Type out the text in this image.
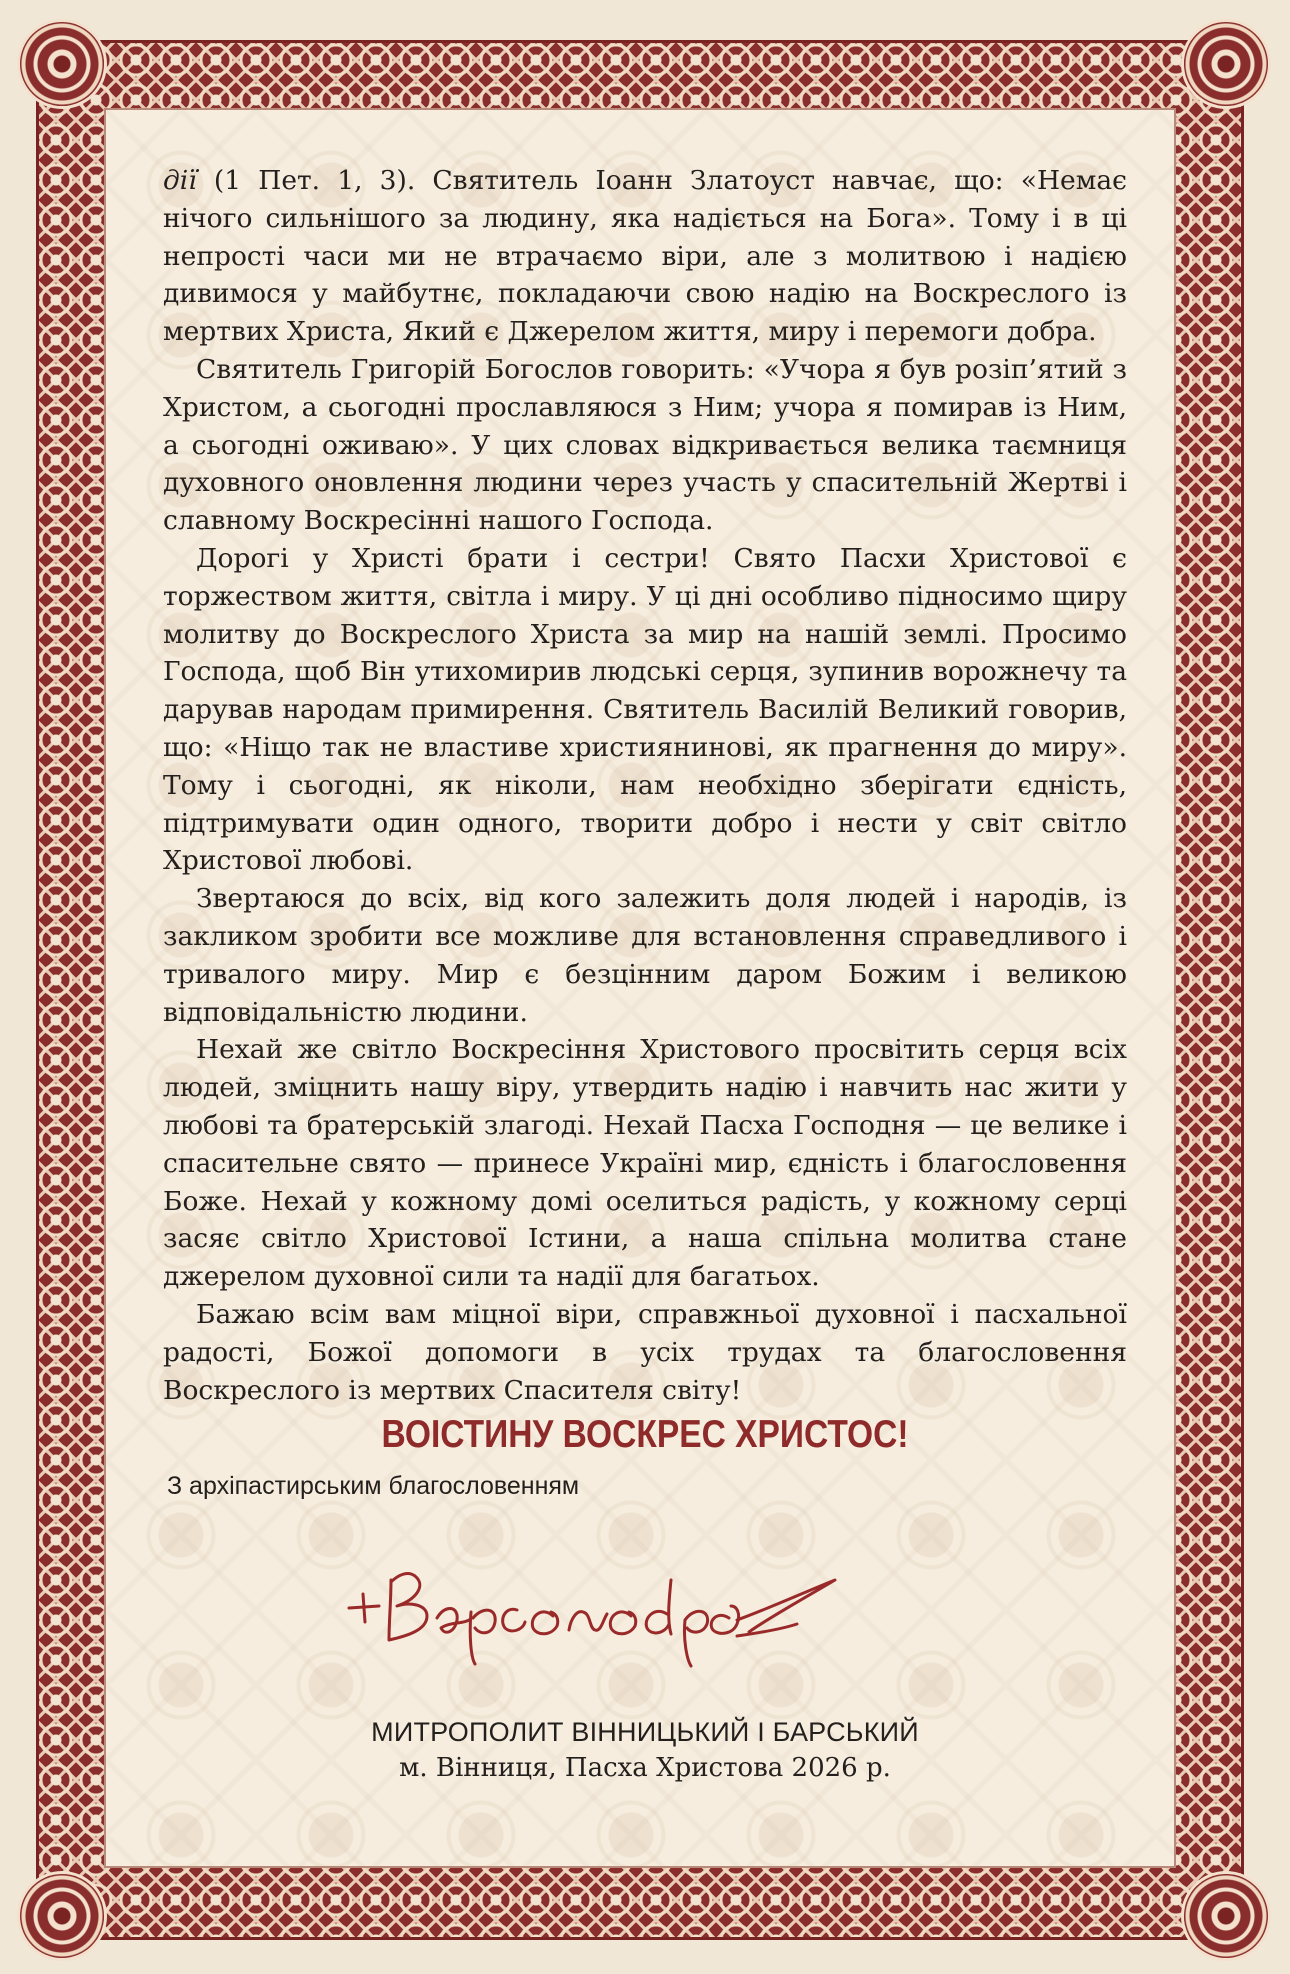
дії (1 Пет. 1, 3). Святитель Іоанн Златоуст навчає, що: «Немає нічого сильнішого за людину, яка надіється на Бога». Тому і в ці непрості часи ми не втрачаємо віри, але з молитвою і надією дивимося у майбутнє, покладаючи свою надію на Воскреслого із мертвих Христа, Який є Джерелом життя, миру і перемоги добра.

Святитель Григорій Богослов говорить: «Учора я був розіп’ятий з Христом, а сьогодні прославляюся з Ним; учора я помирав із Ним, а сьогодні оживаю». У цих словах відкривається велика таємниця духовного оновлення людини через участь у спасительній Жертві і славному Воскресінні нашого Господа.

Дорогі у Христі брати і сестри! Свято Пасхи Христової є торжеством життя, світла і миру. У ці дні особливо підносимо щиру молитву до Воскреслого Христа за мир на нашій землі. Просимо Господа, щоб Він утихомирив людські серця, зупинив ворожнечу та дарував народам примирення. Святитель Василій Великий говорив, що: «Ніщо так не властиве християнинові, як прагнення до миру». Тому і сьогодні, як ніколи, нам необхідно зберігати єдність, підтримувати один одного, творити добро і нести у світ світло Христової любові.

Звертаюся до всіх, від кого залежить доля людей і народів, із закликом зробити все можливе для встановлення справедливого і тривалого миру. Мир є безцінним даром Божим і великою відповідальністю людини.

Нехай же світло Воскресіння Христового просвітить серця всіх людей, зміцнить нашу віру, утвердить надію і навчить нас жити у любові та братерській злагоді. Нехай Пасха Господня — це велике і спасительне свято — принесе Україні мир, єдність і благословення Боже. Нехай у кожному домі оселиться радість, у кожному серці засяє світло Христової Істини, а наша спільна молитва стане джерелом духовної сили та надії для багатьох.

Бажаю всім вам міцної віри, справжньої духовної і пасхальної радості, Божої допомоги в усіх трудах та благословення Воскреслого із мертвих Спасителя світу!

ВОІСТИНУ ВОСКРЕС ХРИСТОС!
З архіпастирським благословенням
МИТРОПОЛИТ ВІННИЦЬКИЙ І БАРСЬКИЙ
м. Вінниця, Пасха Христова 2026 р.
